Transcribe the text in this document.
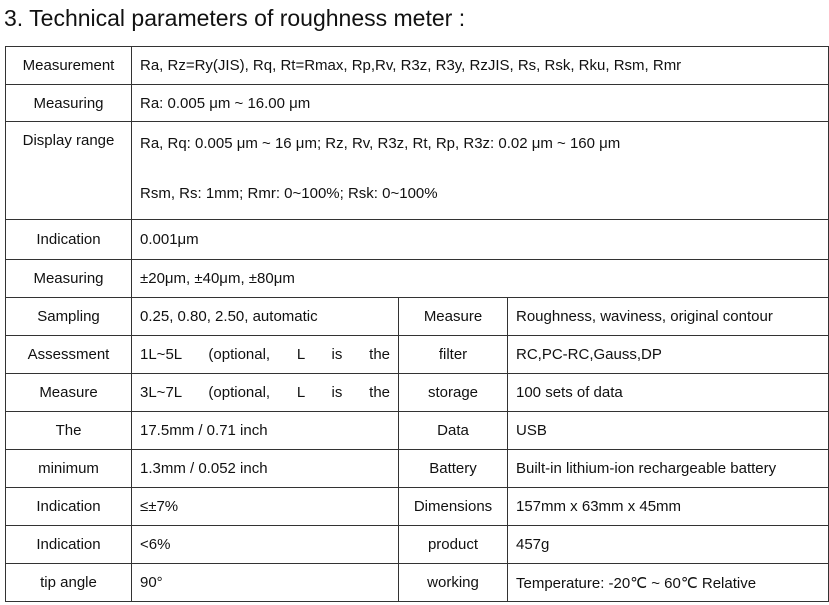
3. Technical parameters of roughness meter :
Measurement	Ra, Rz=Ry(JIS), Rq, Rt=Rmax, Rp,Rv, R3z, R3y, RzJIS, Rs, Rsk, Rku, Rsm, Rmr		
Measuring	Ra: 0.005 μm ~ 16.00 μm		
Display range	Ra, Rq: 0.005 μm ~ 16 μm; Rz, Rv, R3z, Rt, Rp, R3z: 0.02 μm ~ 160 μm
Rsm, Rs: 1mm; Rmr: 0~100%; Rsk: 0~100%		

Indication	0.001μm		
Measuring	±20μm, ±40μm, ±80μm		
Sampling	0.25, 0.80, 2.50, automatic	Measure	Roughness, waviness, original contour
Assessment	1L~5L (optional, L is the	filter	RC,PC-RC,Gauss,DP
Measure	3L~7L (optional, L is the	storage	100 sets of data
The	17.5mm / 0.71 inch	Data	USB
minimum	1.3mm / 0.052 inch	Battery	Built-in lithium-ion rechargeable battery
Indication	≤±7%	Dimensions	157mm x 63mm x 45mm
Indication	<6%	product	457g
tip angle	90°	working	Temperature: -20℃ ~ 60℃ Relative
